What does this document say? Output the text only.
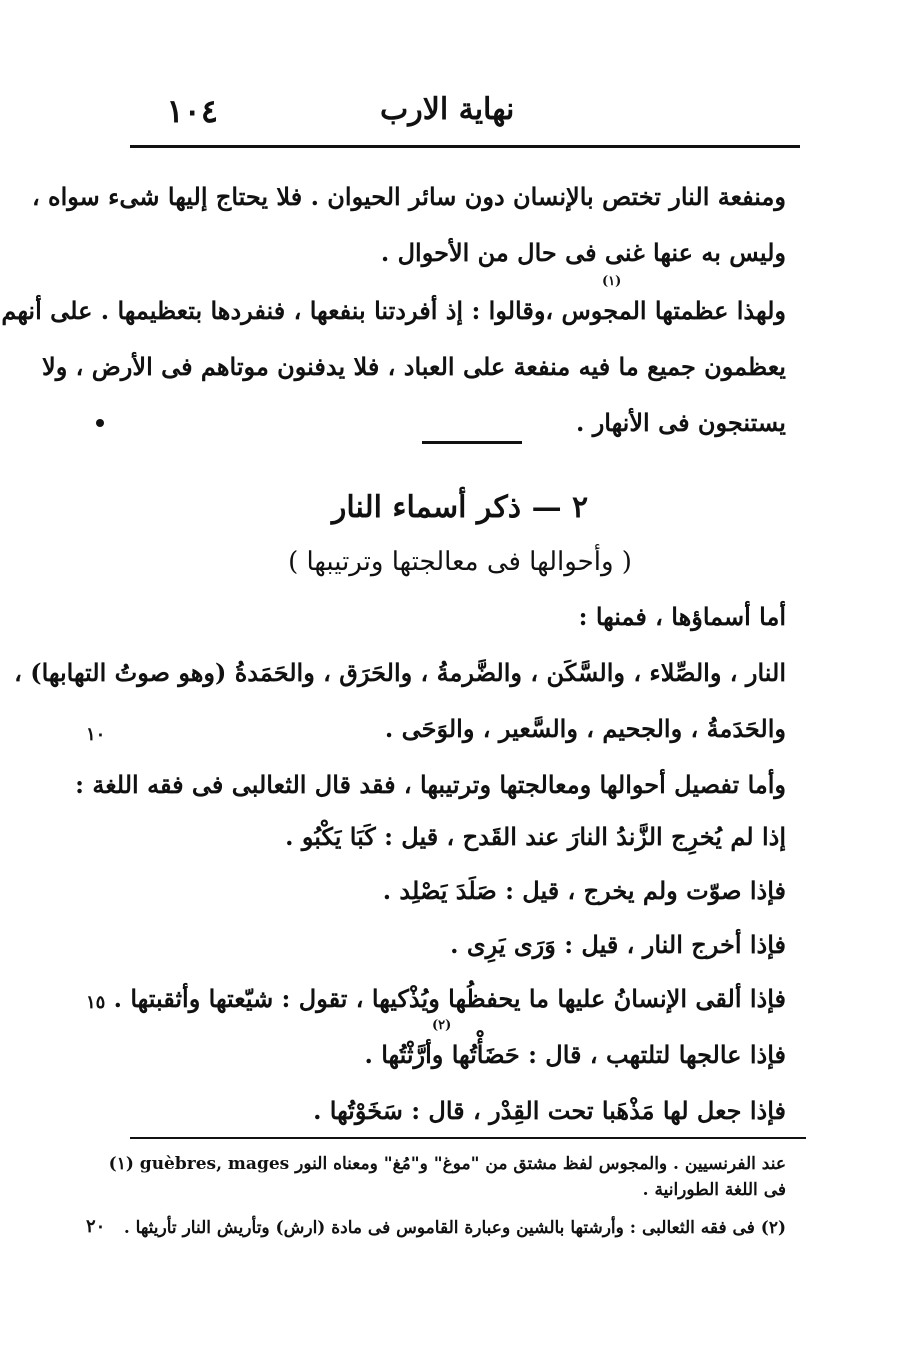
نهاية الارب
١٠٤
ومنفعة النار تختص بالإنسان دون سائر الحيوان . فلا يحتاج إليها شىء سواه ،
وليس به عنها غنى فى حال من الأحوال .
(١)
ولهذا عظمتها المجوس ،وقالوا : إذ أفردتنا بنفعها ، فنفردها بتعظيمها . على أنهم
يعظمون جميع ما فيه منفعة على العباد ، فلا يدفنون موتاهم فى الأرض ، ولا
يستنجون فى الأنهار .
٢ — ذكر أسماء النار
( وأحوالها فى معالجتها وترتيبها )
أما أسماؤها ، فمنها :
النار ، والصِّلاء ، والسَّكَن ، والضَّرمةُ ، والحَرَق ، والحَمَدةُ (وهو صوتُ التهابها) ،
والحَدَمةُ ، والجحيم ، والسَّعير ، والوَحَى .
وأما تفصيل أحوالها ومعالجتها وترتيبها ، فقد قال الثعالبى فى فقه اللغة :
إذا لم يُخرِج الزَّندُ النارَ عند القَدح ، قيل : كَبَا يَكْبُو .
فإذا صوّت ولم يخرج ، قيل : صَلَدَ يَصْلِد .
فإذا أخرج النار ، قيل : وَرَى يَرِى .
فإذا ألقى الإنسانُ عليها ما يحفظُها ويُذْكيها ، تقول : شيّعتها وأثقبتها .
(٢)
فإذا عالجها لتلتهب ، قال : حَضَأْتُها وأرَّثْتُها .
فإذا جعل لها مَذْهَبا تحت القِدْر ، قال : سَخَوْتُها .
١٠
١٥
٢٠
(١) guèbres, mages عند الفرنسيين . والمجوس لفظ مشتق من "موغ" و"مُغ" ومعناه النور
فى اللغة الطورانية .
(٢) فى فقه الثعالبى : وأرشتها بالشين وعبارة القاموس فى مادة (ارش) وتأريش النار تأريثها .
